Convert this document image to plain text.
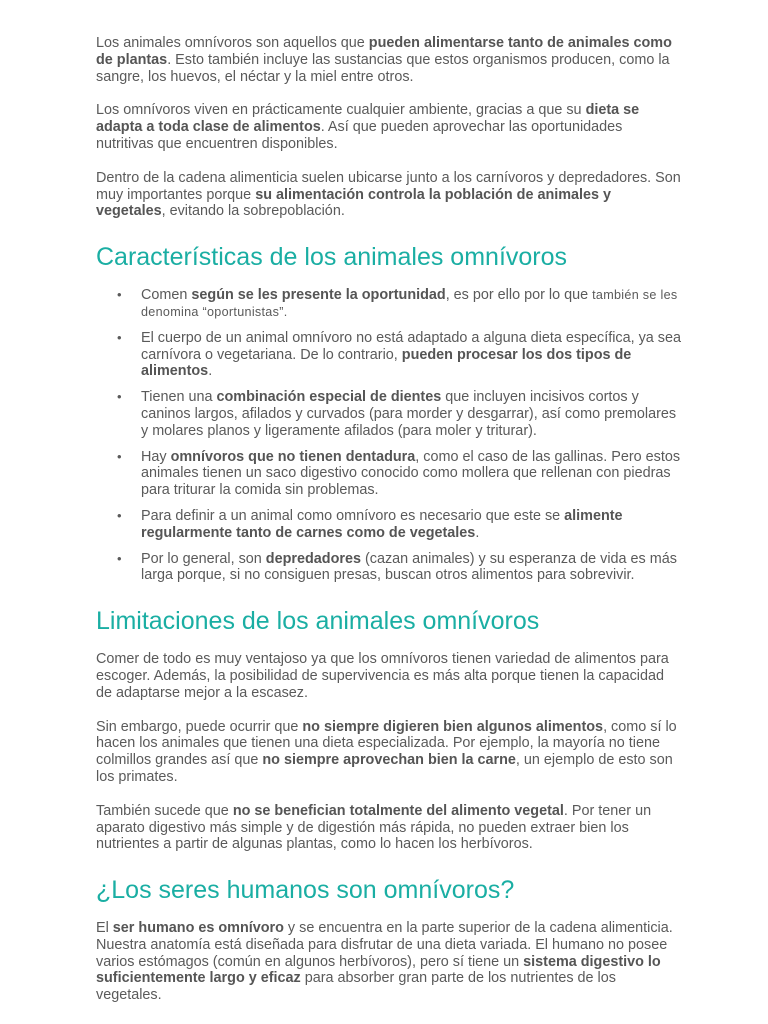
Los animales omnívoros son aquellos que pueden alimentarse tanto de animales como de plantas. Esto también incluye las sustancias que estos organismos producen, como la sangre, los huevos, el néctar y la miel entre otros.

Los omnívoros viven en prácticamente cualquier ambiente, gracias a que su dieta se adapta a toda clase de alimentos. Así que pueden aprovechar las oportunidades nutritivas que encuentren disponibles.

Dentro de la cadena alimenticia suelen ubicarse junto a los carnívoros y depredadores. Son muy importantes porque su alimentación controla la población de animales y vegetales, evitando la sobrepoblación.

Características de los animales omnívoros
• Comen según se les presente la oportunidad, es por ello por lo que también se les denomina “oportunistas”.
• El cuerpo de un animal omnívoro no está adaptado a alguna dieta específica, ya sea carnívora o vegetariana. De lo contrario, pueden procesar los dos tipos de alimentos.
• Tienen una combinación especial de dientes que incluyen incisivos cortos y caninos largos, afilados y curvados (para morder y desgarrar), así como premolares y molares planos y ligeramente afilados (para moler y triturar).
• Hay omnívoros que no tienen dentadura, como el caso de las gallinas. Pero estos animales tienen un saco digestivo conocido como mollera que rellenan con piedras para triturar la comida sin problemas.
• Para definir a un animal como omnívoro es necesario que este se alimente regularmente tanto de carnes como de vegetales.
• Por lo general, son depredadores (cazan animales) y su esperanza de vida es más larga porque, si no consiguen presas, buscan otros alimentos para sobrevivir.
Limitaciones de los animales omnívoros

Comer de todo es muy ventajoso ya que los omnívoros tienen variedad de alimentos para escoger. Además, la posibilidad de supervivencia es más alta porque tienen la capacidad de adaptarse mejor a la escasez.

Sin embargo, puede ocurrir que no siempre digieren bien algunos alimentos, como sí lo hacen los animales que tienen una dieta especializada. Por ejemplo, la mayoría no tiene colmillos grandes así que no siempre aprovechan bien la carne, un ejemplo de esto son los primates.

También sucede que no se benefician totalmente del alimento vegetal. Por tener un aparato digestivo más simple y de digestión más rápida, no pueden extraer bien los nutrientes a partir de algunas plantas, como lo hacen los herbívoros.

¿Los seres humanos son omnívoros?

El ser humano es omnívoro y se encuentra en la parte superior de la cadena alimenticia. Nuestra anatomía está diseñada para disfrutar de una dieta variada. El humano no posee varios estómagos (común en algunos herbívoros), pero sí tiene un sistema digestivo lo suficientemente largo y eficaz para absorber gran parte de los nutrientes de los vegetales.
